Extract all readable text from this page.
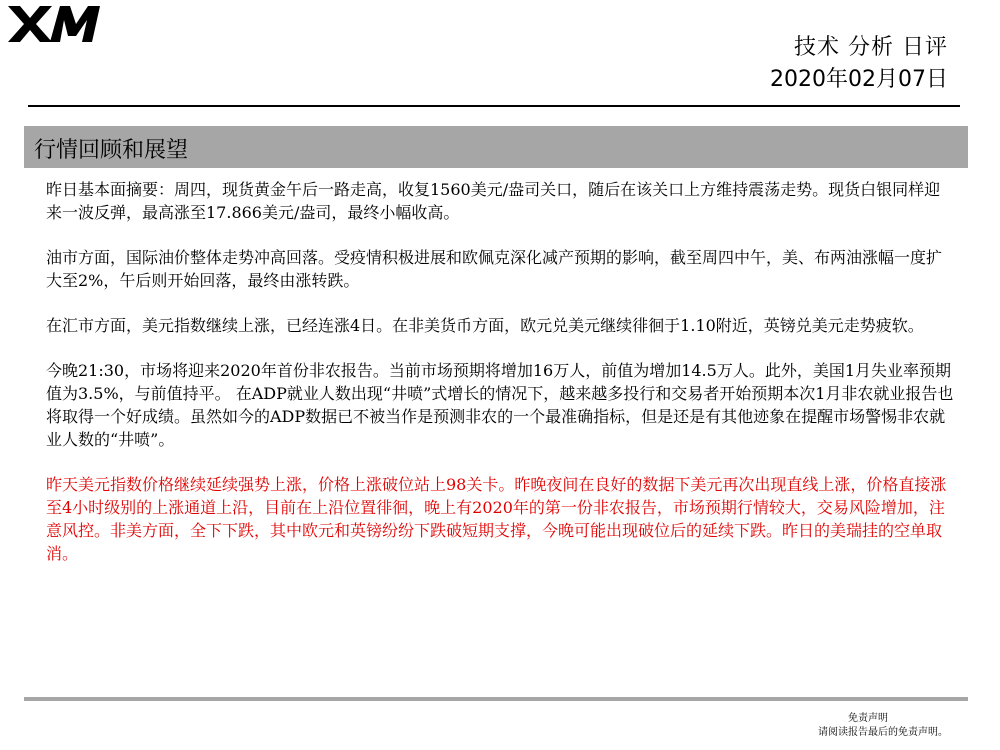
技术 分析 日评
2020年02月07日
行情回顾和展望

昨日基本面摘要：周四，现货黄金午后一路走高，收复1560美元/盎司关口，随后在该关口上方维持震荡走势。现货白银同样迎来一波反弹，最高涨至17.866美元/盎司，最终小幅收高。

油市方面，国际油价整体走势冲高回落。受疫情积极进展和欧佩克深化减产预期的影响，截至周四中午，美、布两油涨幅一度扩大至2%，午后则开始回落，最终由涨转跌。

在汇市方面，美元指数继续上涨，已经连涨4日。在非美货币方面，欧元兑美元继续徘徊于1.10附近，英镑兑美元走势疲软。

今晚21:30，市场将迎来2020年首份非农报告。当前市场预期将增加16万人，前值为增加14.5万人。此外，美国1月失业率预期值为3.5%，与前值持平。 在ADP就业人数出现“井喷”式增长的情况下，越来越多投行和交易者开始预期本次1月非农就业报告也将取得一个好成绩。虽然如今的ADP数据已不被当作是预测非农的一个最准确指标，但是还是有其他迹象在提醒市场警惕非农就业人数的“井喷”。

昨天美元指数价格继续延续强势上涨，价格上涨破位站上98关卡。昨晚夜间在良好的数据下美元再次出现直线上涨，价格直接涨至4小时级别的上涨通道上沿，目前在上沿位置徘徊，晚上有2020年的第一份非农报告，市场预期行情较大，交易风险增加，注意风控。非美方面，全下下跌，其中欧元和英镑纷纷下跌破短期支撑，今晚可能出现破位后的延续下跌。昨日的美瑞挂的空单取消。

免责声明
请阅读报告最后的免责声明。
